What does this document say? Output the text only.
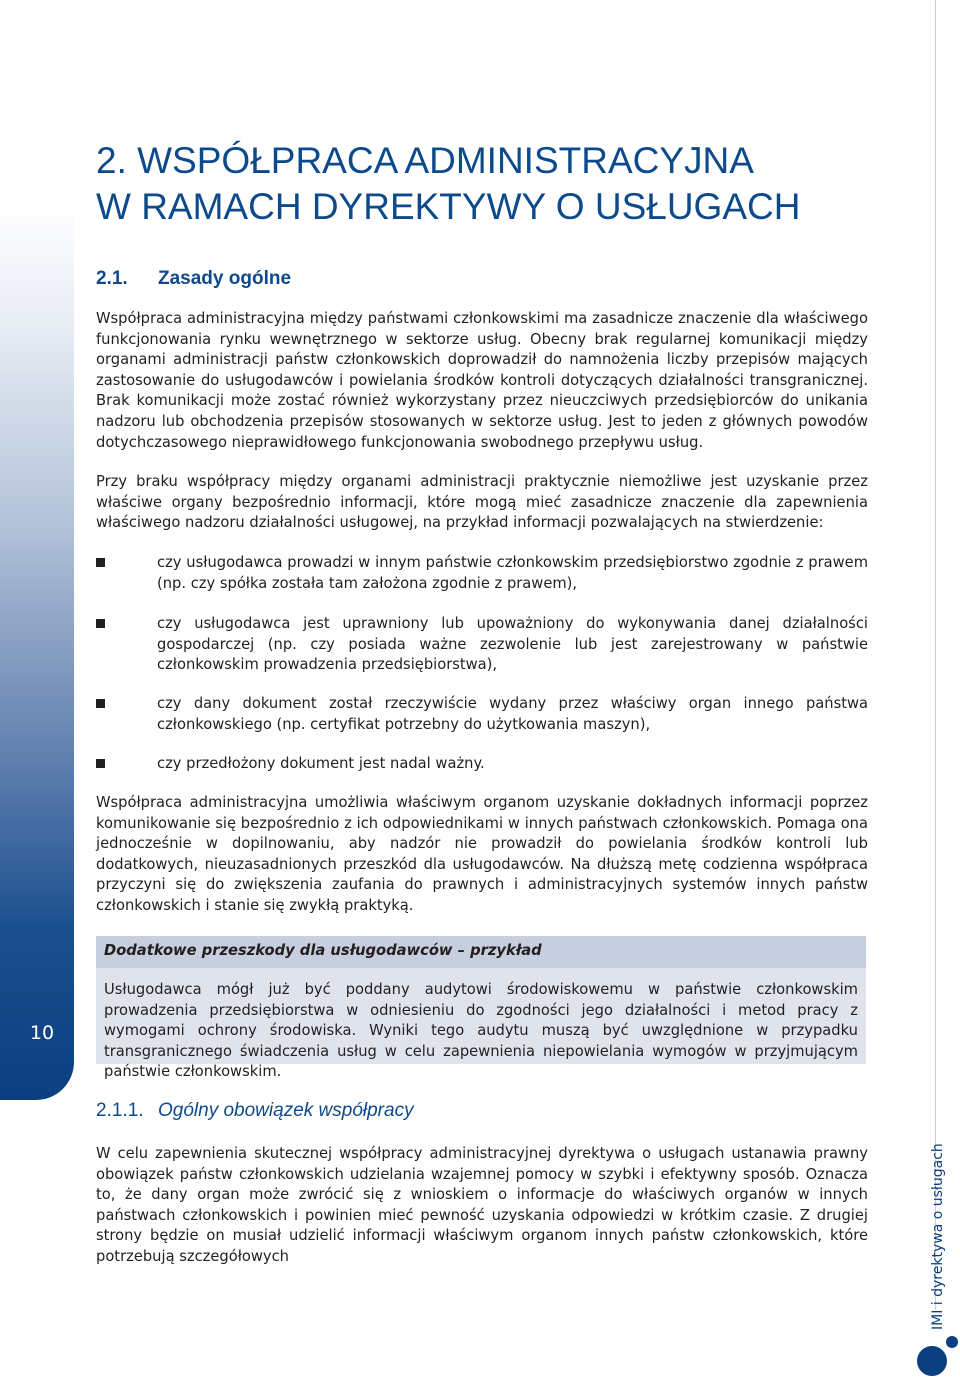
10
IMI i dyrektywa o usługach
2. WSPÓŁPRACA ADMINISTRACYJNA
W RAMACH DYREKTYWY O USŁUGACH
2.1. Zasady ogólne

Współpraca administracyjna między państwami członkowskimi ma zasadnicze znaczenie dla właściwego funkcjonowania rynku wewnętrznego w sektorze usług. Obecny brak regularnej komunikacji między organami administracji państw członkowskich doprowadził do namnożenia liczby przepisów mających zastosowanie do usługodawców i powielania środków kontroli dotyczących działalności transgranicznej. Brak komunikacji może zostać również wykorzystany przez nieuczciwych przedsiębiorców do unikania nadzoru lub obchodzenia przepisów stosowanych w sektorze usług. Jest to jeden z głównych powodów dotychczasowego nieprawidłowego funkcjonowania swobodnego przepływu usług.

Przy braku współpracy między organami administracji praktycznie niemożliwe jest uzyskanie przez właściwe organy bezpośrednio informacji, które mogą mieć zasadnicze znaczenie dla zapewnienia właściwego nadzoru działalności usługowej, na przykład informacji pozwalających na stwierdzenie:

czy usługodawca prowadzi w innym państwie członkowskim przedsiębiorstwo zgodnie z prawem (np. czy spółka została tam założona zgodnie z prawem),

czy usługodawca jest uprawniony lub upoważniony do wykonywania danej działalności gospodarczej (np. czy posiada ważne zezwolenie lub jest zarejestrowany w państwie członkowskim prowadzenia przedsiębiorstwa),

czy dany dokument został rzeczywiście wydany przez właściwy organ innego państwa członkowskiego (np. certyfikat potrzebny do użytkowania maszyn),

czy przedłożony dokument jest nadal ważny.

Współpraca administracyjna umożliwia właściwym organom uzyskanie dokładnych informacji poprzez komunikowanie się bezpośrednio z ich odpowiednikami w innych państwach członkowskich. Pomaga ona jednocześnie w dopilnowaniu, aby nadzór nie prowadził do powielania środków kontroli lub dodatkowych, nieuzasadnionych przeszkód dla usługodawców. Na dłuższą metę codzienna współpraca przyczyni się do zwiększenia zaufania do prawnych i administracyjnych systemów innych państw członkowskich i stanie się zwykłą praktyką.

Dodatkowe przeszkody dla usługodawców – przykład

Usługodawca mógł już być poddany audytowi środowiskowemu w państwie członkowskim prowadzenia przedsiębiorstwa w odniesieniu do zgodności jego działalności i metod pracy z wymogami ochrony środowiska. Wyniki tego audytu muszą być uwzględnione w przypadku transgranicznego świadczenia usług w celu zapewnienia niepowielania wymogów w przyjmującym państwie członkowskim.

2.1.1. Ogólny obowiązek współpracy

W celu zapewnienia skutecznej współpracy administracyjnej dyrektywa o usługach ustanawia prawny obowiązek państw członkowskich udzielania wzajemnej pomocy w szybki i efektywny sposób. Oznacza to, że dany organ może zwrócić się z wnioskiem o informacje do właściwych organów w innych państwach członkowskich i powinien mieć pewność uzyskania odpowiedzi w krótkim czasie. Z drugiej strony będzie on musiał udzielić informacji właściwym organom innych państw członkowskich, które potrzebują szczegółowych
